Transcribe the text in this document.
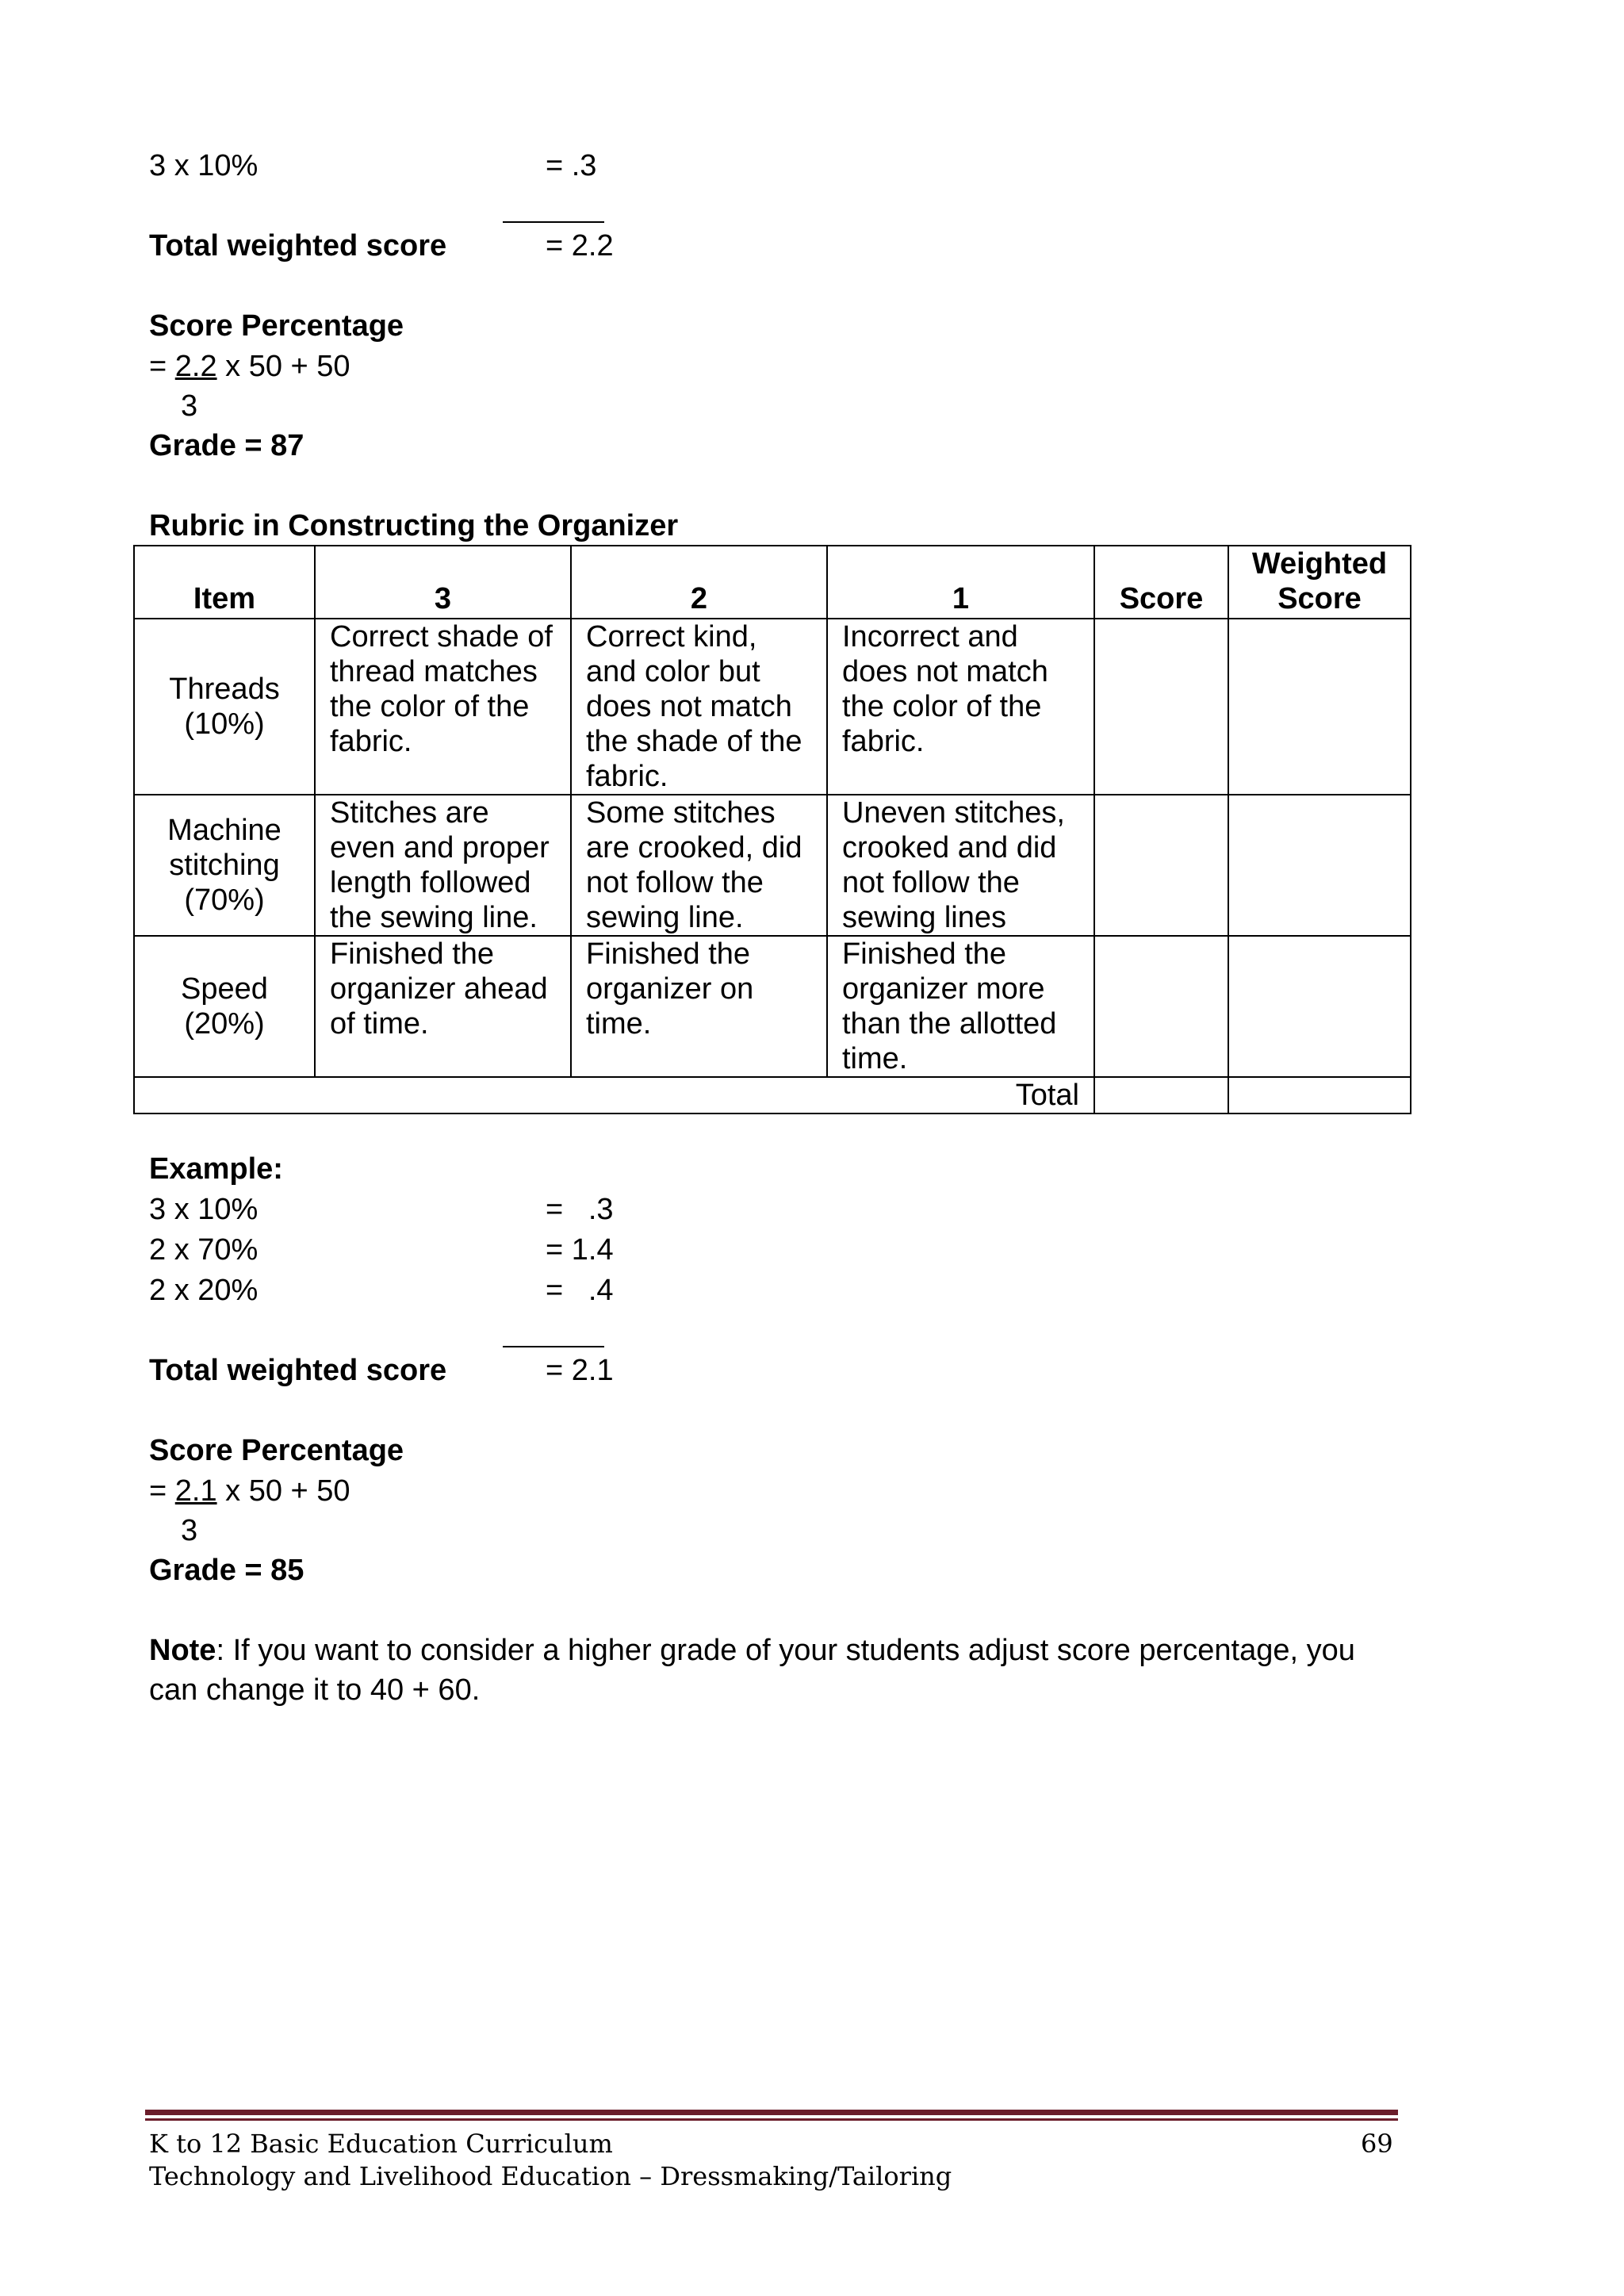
3 x 10%	= .3
Total weighted score	= 2.2
Score Percentage
= 2.2 x 50 + 50
3
Grade = 87
Rubric in Constructing the Organizer
Item	3	2	1	Score	Weighted
Score

Threads
(10%)	Correct shade of thread matches the color of the fabric.	Correct kind, and color but does not match the shade of the fabric.	Incorrect and does not match the color of the fabric.		

Machine stitching
(70%)	Stitches are even and proper length followed the sewing line.	Some stitches are crooked, did not follow the sewing line.	Uneven stitches, crooked and did not follow the sewing lines		

Speed
(20%)	Finished the organizer ahead of time.	Finished the organizer on time.	Finished the organizer more than the allotted time.		
Total					
Example:
3 x 10%	=   .3
2 x 70%	= 1.4
2 x 20%	=   .4
Total weighted score	= 2.1
Score Percentage
= 2.1 x 50 + 50
3
Grade = 85
Note: If you want to consider a higher grade of your students adjust score percentage, you can change it to 40 + 60.
K to 12 Basic Education Curriculum
Technology and Livelihood Education – Dressmaking/Tailoring
69
